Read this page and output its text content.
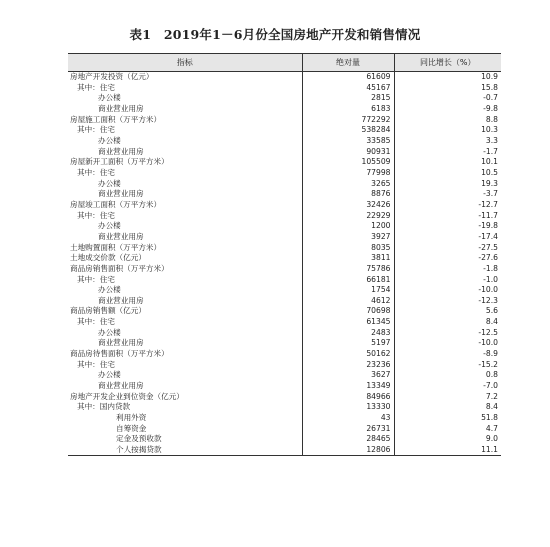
表1　2019年1－6月份全国房地产开发和销售情况
指标	绝对量	同比增长（%）
房地产开发投资（亿元）	61609	10.9
其中：住宅	45167	15.8
办公楼	2815	-0.7
商业营业用房	6183	-9.8
房屋施工面积（万平方米）	772292	8.8
其中：住宅	538284	10.3
办公楼	33585	3.3
商业营业用房	90931	-1.7
房屋新开工面积（万平方米）	105509	10.1
其中：住宅	77998	10.5
办公楼	3265	19.3
商业营业用房	8876	-3.7
房屋竣工面积（万平方米）	32426	-12.7
其中：住宅	22929	-11.7
办公楼	1200	-19.8
商业营业用房	3927	-17.4
土地购置面积（万平方米）	8035	-27.5
土地成交价款（亿元）	3811	-27.6
商品房销售面积（万平方米）	75786	-1.8
其中：住宅	66181	-1.0
办公楼	1754	-10.0
商业营业用房	4612	-12.3
商品房销售额（亿元）	70698	5.6
其中：住宅	61345	8.4
办公楼	2483	-12.5
商业营业用房	5197	-10.0
商品房待售面积（万平方米）	50162	-8.9
其中：住宅	23236	-15.2
办公楼	3627	0.8
商业营业用房	13349	-7.0
房地产开发企业到位资金（亿元）	84966	7.2
其中：国内贷款	13330	8.4
利用外资	43	51.8
自筹资金	26731	4.7
定金及预收款	28465	9.0
个人按揭贷款	12806	11.1
